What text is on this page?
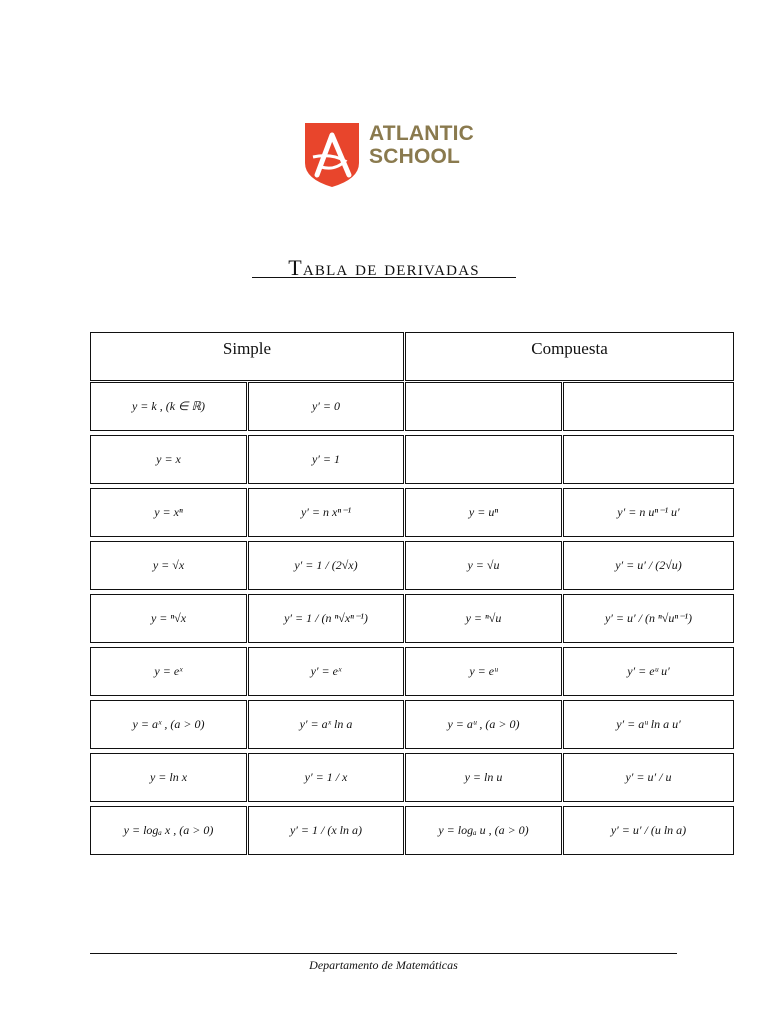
ATLANTIC
SCHOOL
Tabla de derivadas
Simple	Compuesta
y = k , (k ∈ ℝ)	y′ = 0
y = x	y′ = 1
y = xⁿ	y′ = n xⁿ⁻¹	y = uⁿ	y′ = n uⁿ⁻¹ u′
y = √x	y′ = 1 / (2√x)	y = √u	y′ = u′ / (2√u)
y = ⁿ√x	y′ = 1 / (n ⁿ√xⁿ⁻¹)	y = ⁿ√u	y′ = u′ / (n ⁿ√uⁿ⁻¹)
y = eˣ	y′ = eˣ	y = eᵘ	y′ = eᵘ u′
y = aˣ , (a > 0)	y′ = aˣ ln a	y = aᵘ , (a > 0)	y′ = aᵘ ln a u′
y = ln x	y′ = 1 / x	y = ln u	y′ = u′ / u
y = logₐ x , (a > 0)	y′ = 1 / (x ln a)	y = logₐ u , (a > 0)	y′ = u′ / (u ln a)
Departamento de Matemáticas
